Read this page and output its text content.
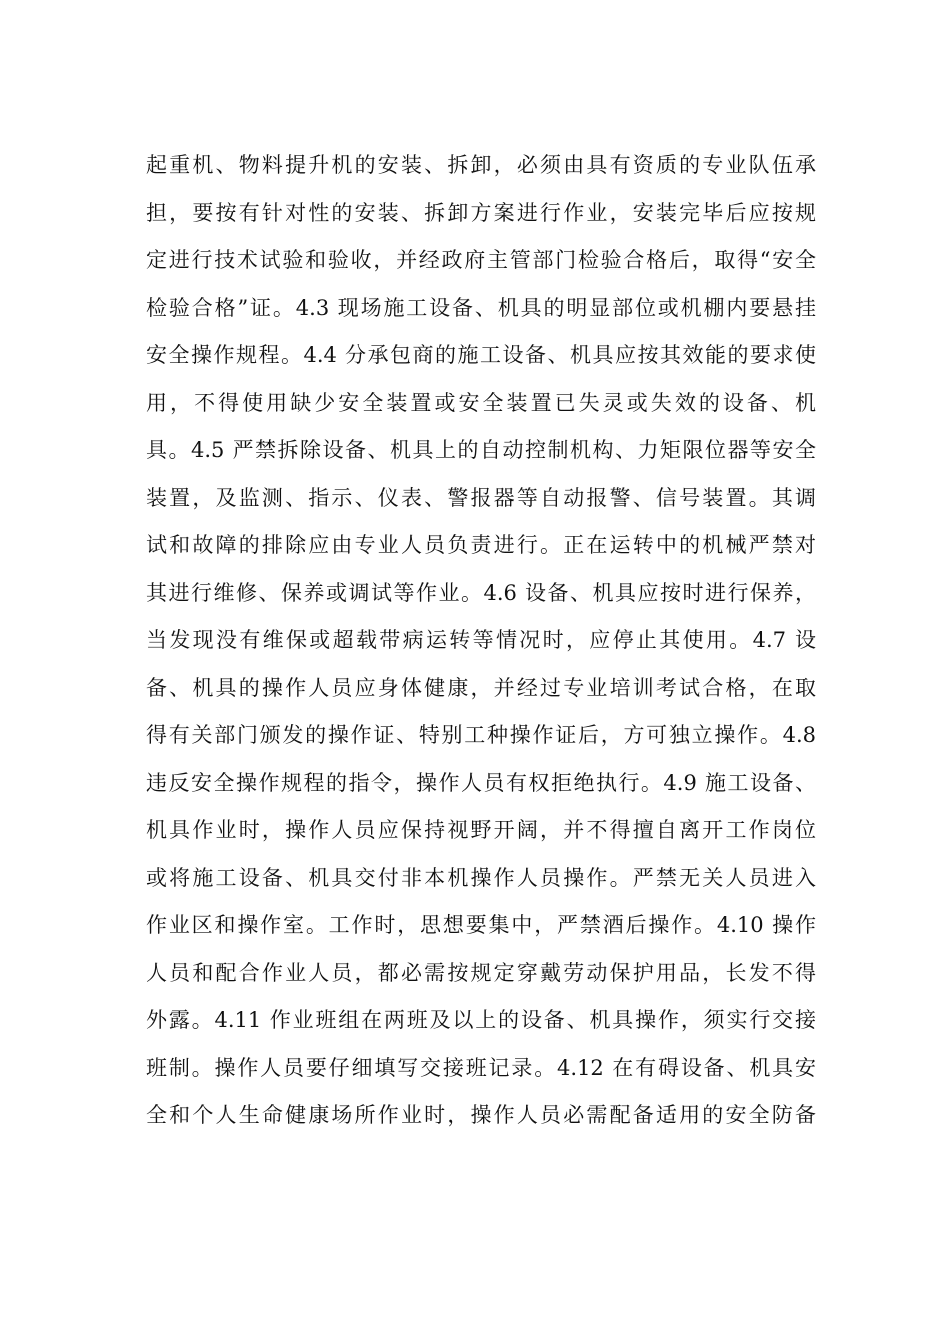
起重机、物料提升机的安装、拆卸，必须由具有资质的专业队伍承
担，要按有针对性的安装、拆卸方案进行作业，安装完毕后应按规
定进行技术试验和验收，并经政府主管部门检验合格后，取得“安全
检验合格”证。4.3 现场施工设备、机具的明显部位或机棚内要悬挂
安全操作规程。4.4 分承包商的施工设备、机具应按其效能的要求使
用，不得使用缺少安全装置或安全装置已失灵或失效的设备、机
具。4.5 严禁拆除设备、机具上的自动控制机构、力矩限位器等安全
装置，及监测、指示、仪表、警报器等自动报警、信号装置。其调
试和故障的排除应由专业人员负责进行。正在运转中的机械严禁对
其进行维修、保养或调试等作业。4.6 设备、机具应按时进行保养，
当发现没有维保或超载带病运转等情况时，应停止其使用。4.7 设
备、机具的操作人员应身体健康，并经过专业培训考试合格，在取
得有关部门颁发的操作证、特别工种操作证后，方可独立操作。4.8
违反安全操作规程的指令，操作人员有权拒绝执行。4.9 施工设备、
机具作业时，操作人员应保持视野开阔，并不得擅自离开工作岗位
或将施工设备、机具交付非本机操作人员操作。严禁无关人员进入
作业区和操作室。工作时，思想要集中，严禁酒后操作。4.10 操作
人员和配合作业人员，都必需按规定穿戴劳动保护用品，长发不得
外露。4.11 作业班组在两班及以上的设备、机具操作，须实行交接
班制。操作人员要仔细填写交接班记录。4.12 在有碍设备、机具安
全和个人生命健康场所作业时，操作人员必需配备适用的安全防备
